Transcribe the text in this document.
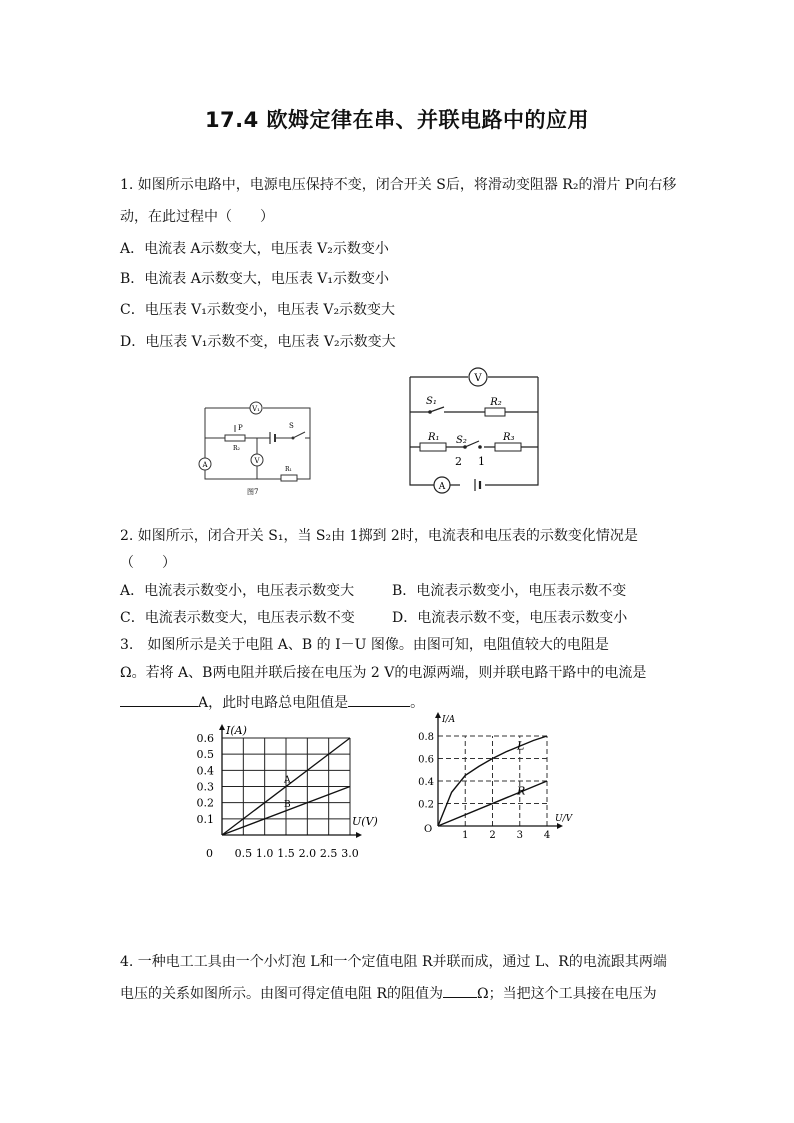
17.4 欧姆定律在串、并联电路中的应用
1. 如图所示电路中，电源电压保持不变，闭合开关 S后，将滑动变阻器 R₂的滑片 P向右移
动，在此过程中（　　）
A．电流表 A示数变大，电压表 V₂示数变小
B．电流表 A示数变大，电压表 V₁示数变小
C．电压表 V₁示数变小，电压表 V₂示数变大
D．电压表 V₁示数不变，电压表 V₂示数变大
V₁
P
R₂
S
A	V
R₁
图7
V
S₁	R₂
R₁ S₂	R₃
2 1
A
2. 如图所示，闭合开关 S₁，当 S₂由 1掷到 2时，电流表和电压表的示数变化情况是
（　　）
A．电流表示数变小，电压表示数变大	B．电流表示数变小，电压表示数不变
C．电流表示数变大，电压表示数不变	D．电流表示数不变，电压表示数变小
3.　如图所示是关于电阻 A、B 的 I－U 图像。由图可知，电阻值较大的电阻是
Ω。若将 A、B两电阻并联后接在电压为 2 V的电源两端，则并联电路干路中的电流是
A，此时电路总电阻值是	。
0.1
0.2
0.3
0.4
0.5
0.6
0.5 1.0 1.5 2.0 2.5 3.0
0
I(A)
U(V)
A
B	0.2
0.4
0.6
0.8
1 2 3 4
O
I/A
U/V
L
R
4. 一种电工工具由一个小灯泡 L和一个定值电阻 R并联而成，通过 L、R的电流跟其两端
电压的关系如图所示。由图可得定值电阻 R的阻值为 Ω；当把这个工具接在电压为
